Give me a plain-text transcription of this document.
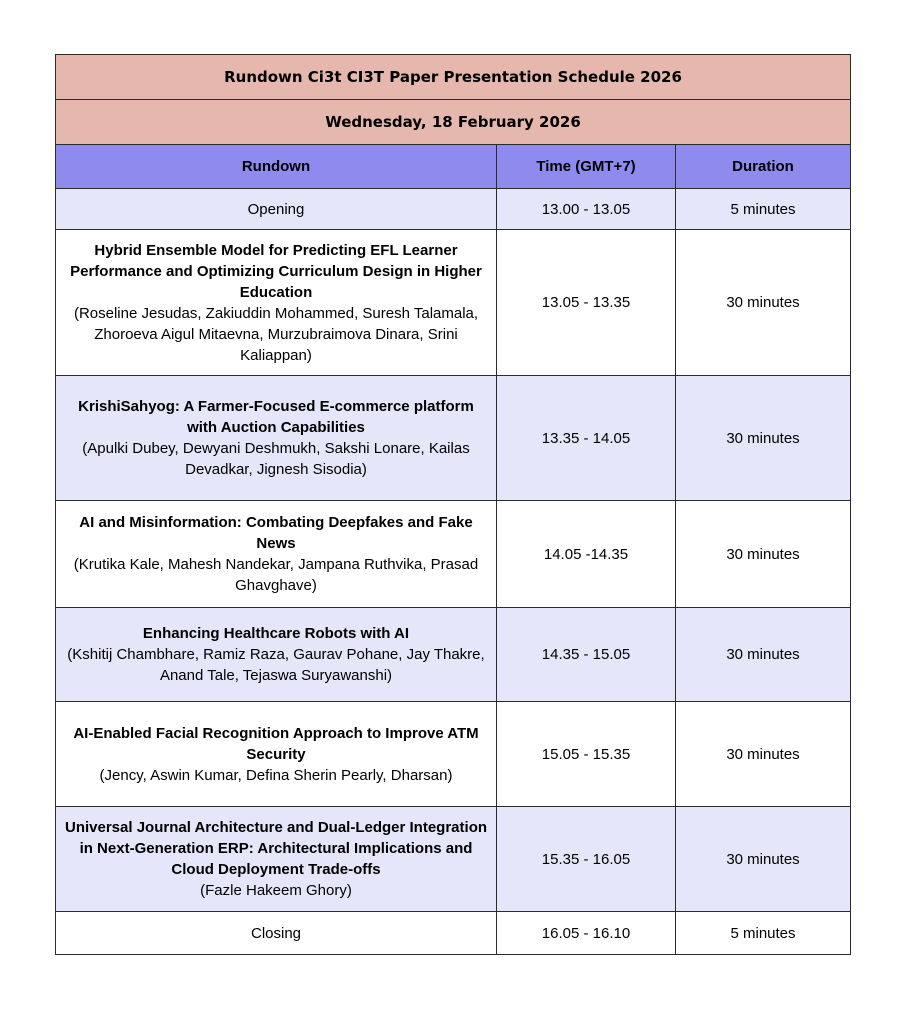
Rundown Ci3t CI3T Paper Presentation Schedule 2026		
Wednesday, 18 February 2026		
Rundown	Time (GMT+7)	Duration
Opening	13.00 - 13.05	5 minutes

Hybrid Ensemble Model for Predicting EFL Learner Performance and Optimizing Curriculum Design in Higher Education
(Roseline Jesudas, Zakiuddin Mohammed, Suresh Talamala, Zhoroeva Aigul Mitaevna, Murzubraimova Dinara, Srini Kaliappan)	13.05 - 13.35	30 minutes

KrishiSahyog: A Farmer-Focused E-commerce platform with Auction Capabilities
(Apulki Dubey, Dewyani Deshmukh, Sakshi Lonare, Kailas Devadkar, Jignesh Sisodia)	13.35 - 14.05	30 minutes

AI and Misinformation: Combating Deepfakes and Fake News
(Krutika Kale, Mahesh Nandekar, Jampana Ruthvika, Prasad Ghavghave)	14.05 -14.35	30 minutes

Enhancing Healthcare Robots with AI
(Kshitij Chambhare, Ramiz Raza, Gaurav Pohane, Jay Thakre, Anand Tale, Tejaswa Suryawanshi)	14.35 - 15.05	30 minutes

AI-Enabled Facial Recognition Approach to Improve ATM Security
(Jency, Aswin Kumar, Defina Sherin Pearly, Dharsan)	15.05 - 15.35	30 minutes

Universal Journal Architecture and Dual-Ledger Integration in Next-Generation ERP: Architectural Implications and Cloud Deployment Trade-offs
(Fazle Hakeem Ghory)	15.35 - 16.05	30 minutes
Closing	16.05 - 16.10	5 minutes
